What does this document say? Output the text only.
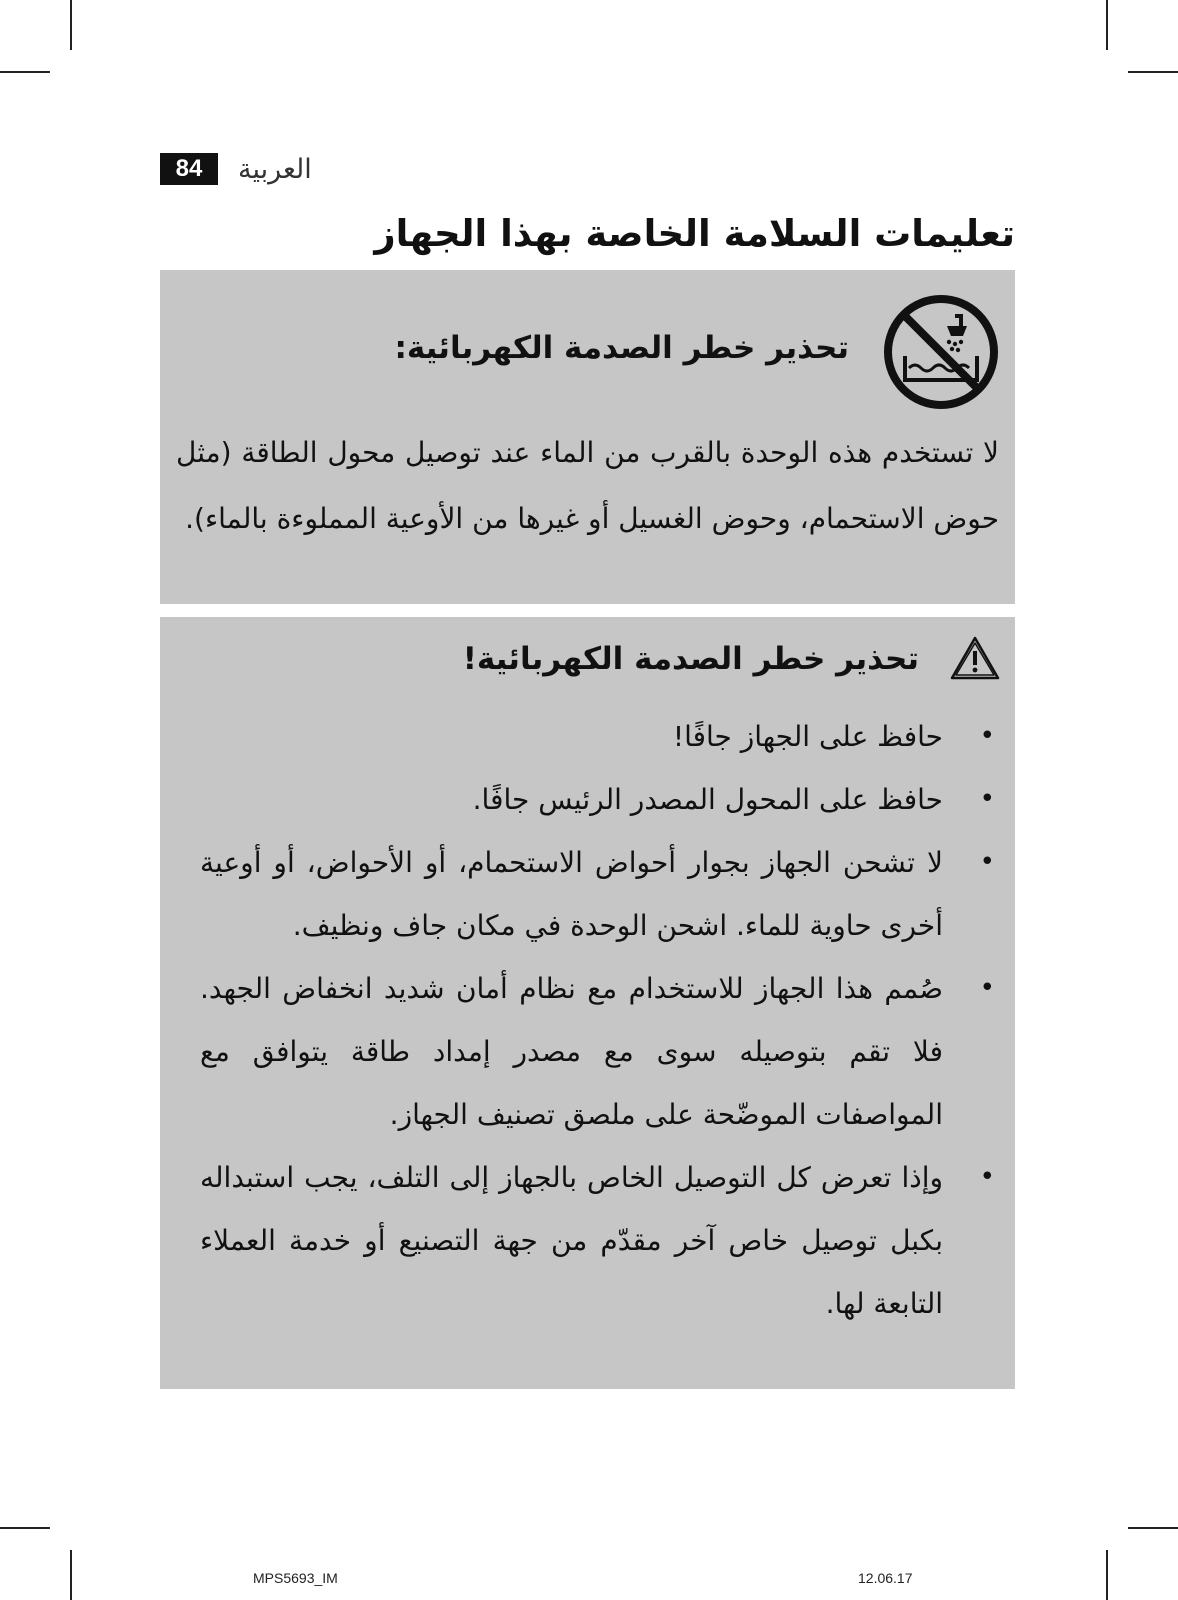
84	العربية
تعليمات السلامة الخاصة بهذا الجهاز
تحذير خطر الصدمة الكهربائية:

لا تستخدم هذه الوحدة بالقرب من الماء عند توصيل محول الطاقة (مثل حوض الاستحمام، وحوض الغسيل أو غيرها من الأوعية المملوءة بالماء).

تحذير خطر الصدمة الكهربائية!
• حافظ على الجهاز جافًا!
• حافظ على المحول المصدر الرئيس جافًا.
• لا تشحن الجهاز بجوار أحواض الاستحمام، أو الأحواض، أو أوعية أخرى حاوية للماء. اشحن الوحدة في مكان جاف ونظيف.
• صُمم هذا الجهاز للاستخدام مع نظام أمان شديد انخفاض الجهد. فلا تقم بتوصيله سوى مع مصدر إمداد طاقة يتوافق مع المواصفات الموضّحة على ملصق تصنيف الجهاز.
• وإذا تعرض كل التوصيل الخاص بالجهاز إلى التلف، يجب استبداله بكبل توصيل خاص آخر مقدّم من جهة التصنيع أو خدمة العملاء التابعة لها.
MPS5693_IM	12.06.17
